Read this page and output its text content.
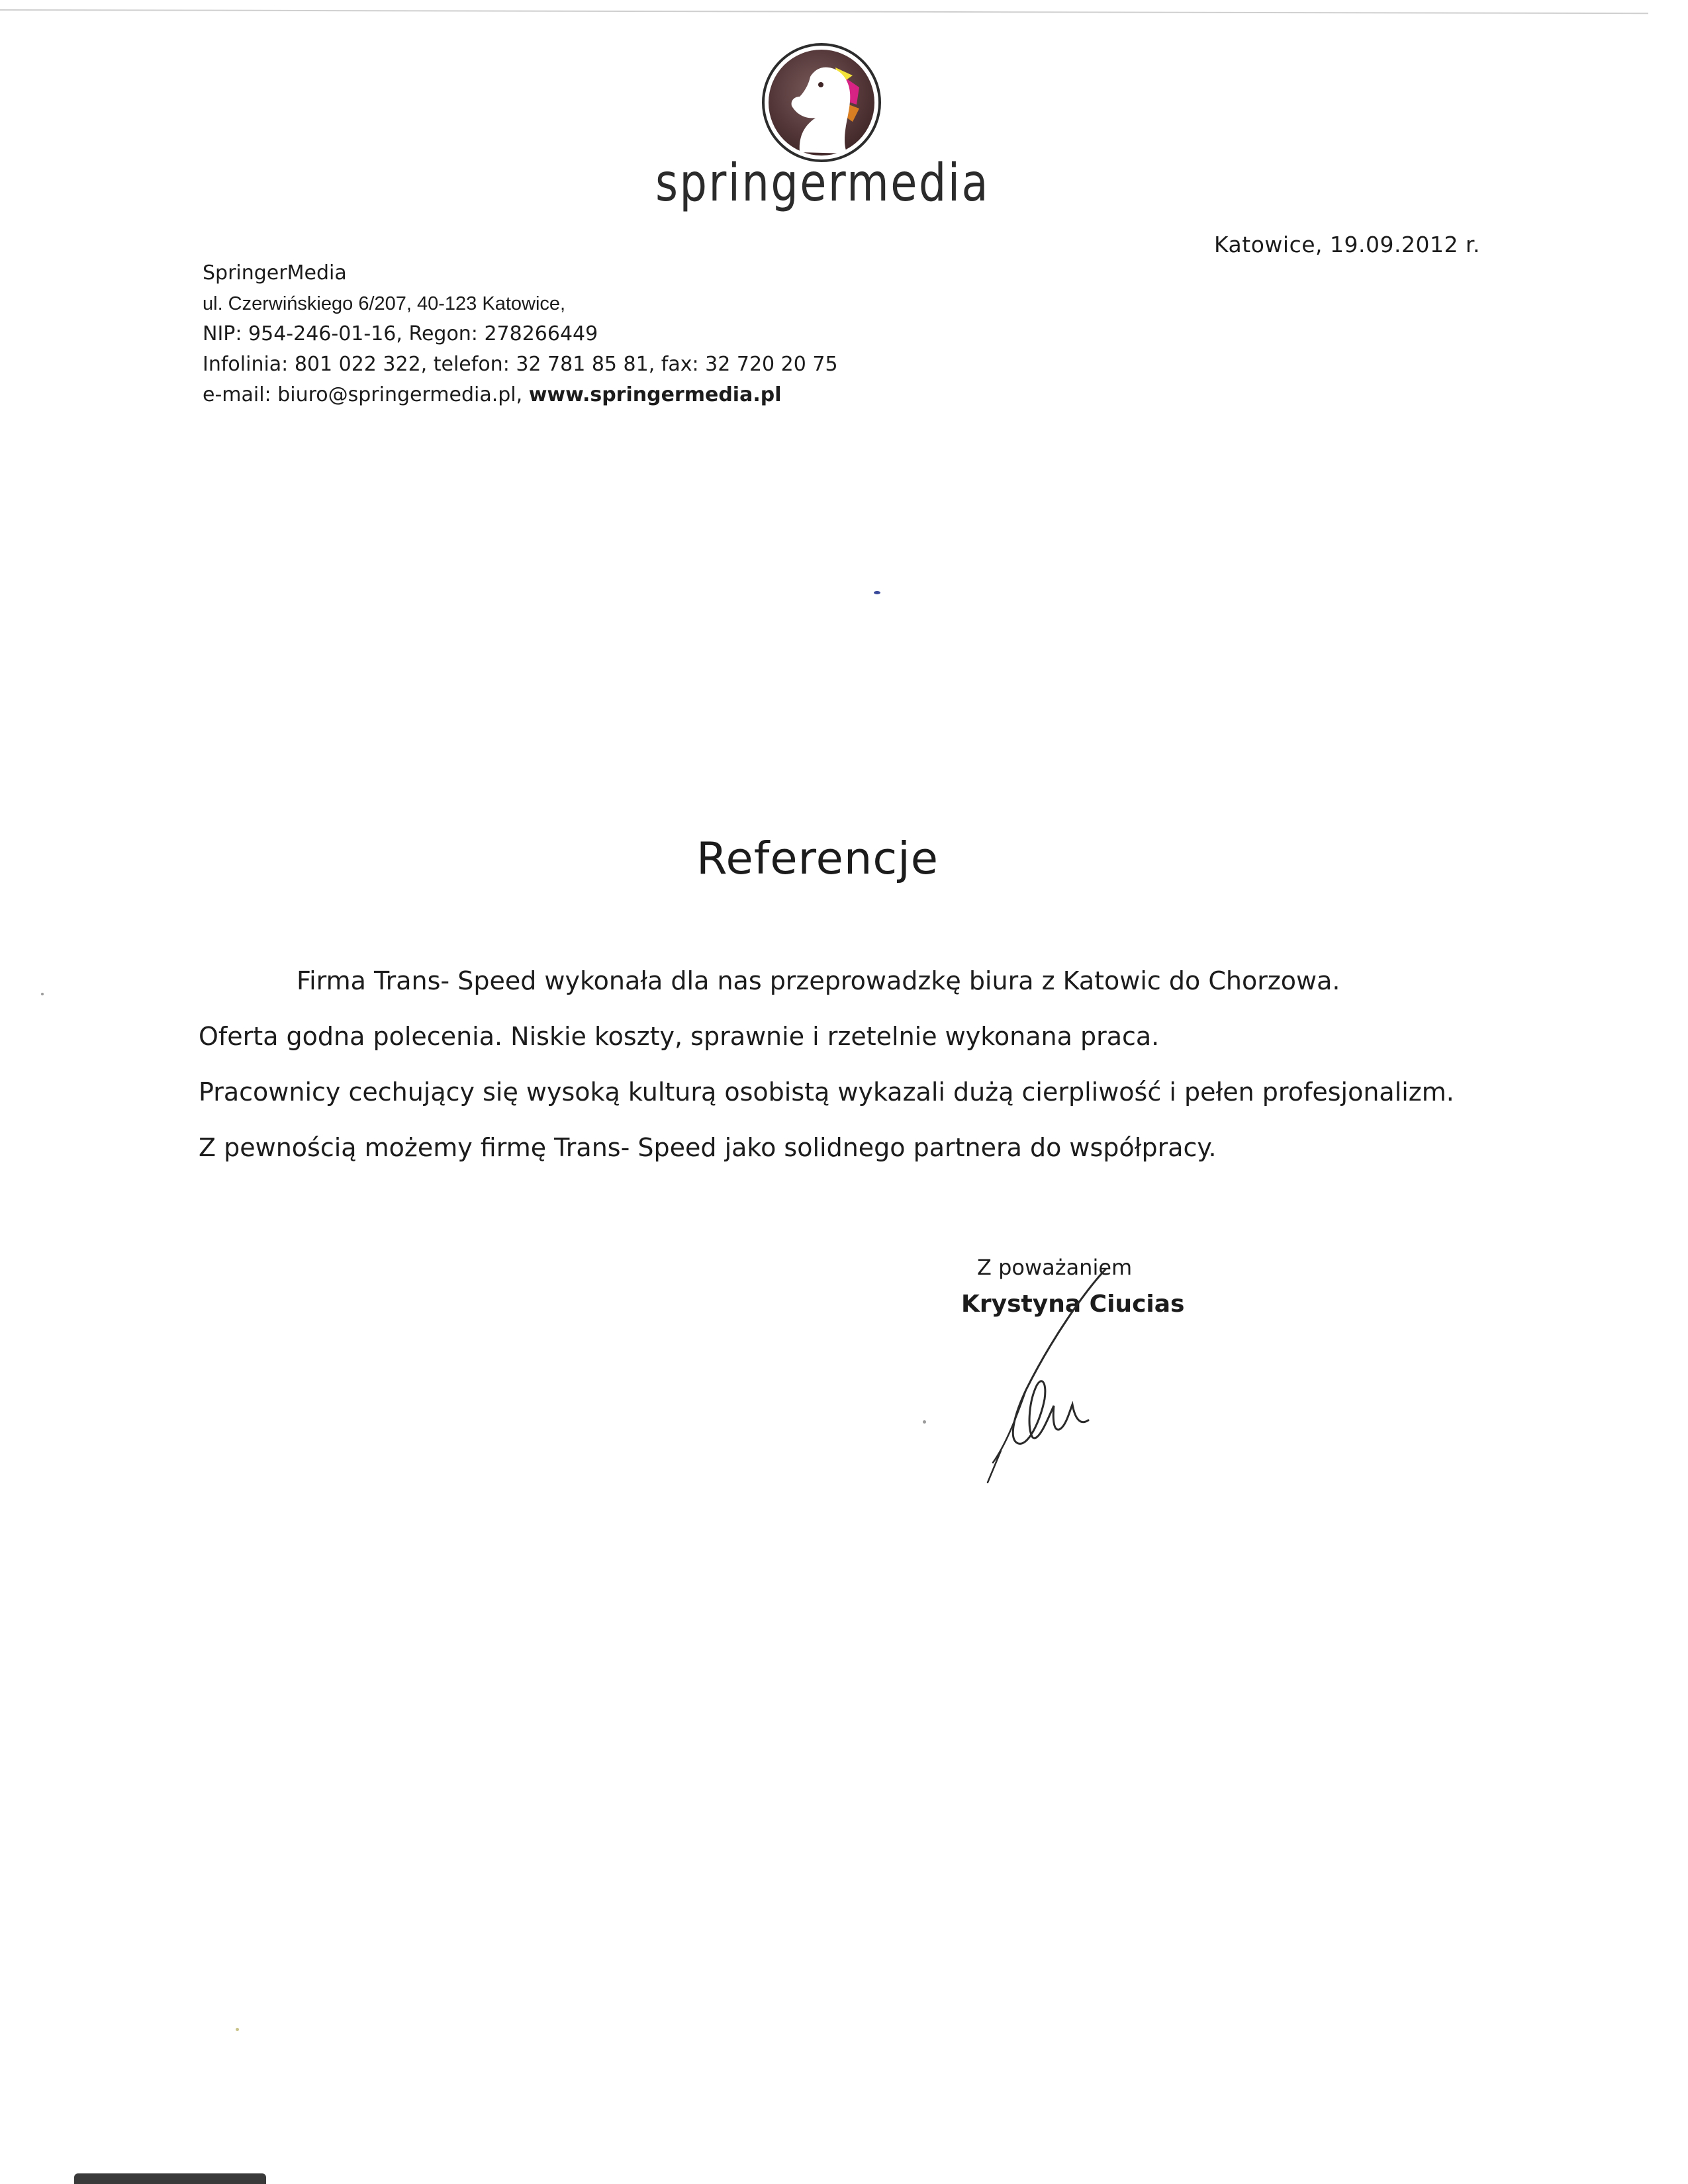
springermedia
Katowice, 19.09.2012 r.
SpringerMedia
ul. Czerwińskiego 6/207, 40-123 Katowice,
NIP: 954-246-01-16, Regon: 278266449
Infolinia: 801 022 322, telefon: 32 781 85 81, fax: 32 720 20 75
e-mail: biuro@springermedia.pl, www.springermedia.pl
Referencje

Firma Trans- Speed wykonała dla nas przeprowadzkę biura z Katowic do Chorzowa.

Oferta godna polecenia. Niskie koszty, sprawnie i rzetelnie wykonana praca.

Pracownicy cechujący się wysoką kulturą osobistą wykazali dużą cierpliwość i pełen profesjonalizm.

Z pewnością możemy firmę Trans- Speed jako solidnego partnera do współpracy.

Z poważaniem
Krystyna Ciucias
